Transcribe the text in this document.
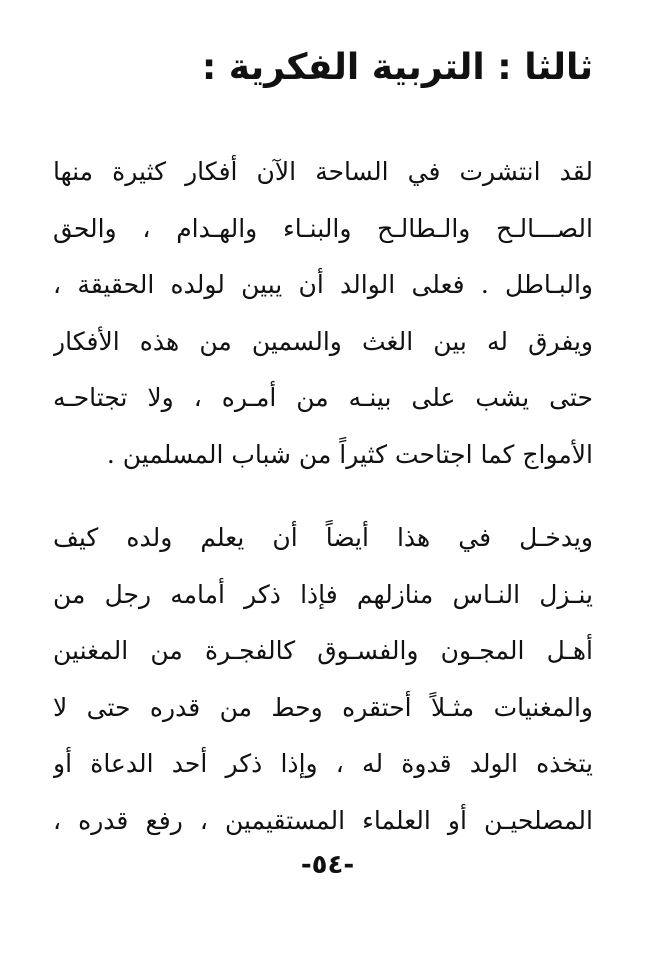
ثالثا : التربية الفكرية :
لقد انتشرت في الساحة الآن أفكار كثيرة منها
الصـــالـح والـطالـح والبنـاء والهـدام ، والحق
والبـاطل . فعلى الوالد أن يبين لولده الحقيقة ،
ويفرق له بين الغث والسمين من هذه الأفكار
حتى يشب على بينـه من أمـره ، ولا تجتاحـه
الأمواج كما اجتاحت كثيراً من شباب المسلمين .
ويدخـل في هذا أيضاً أن يعلم ولده كيف
ينـزل النـاس منازلهم فإذا ذكر أمامه رجل من
أهـل المجـون والفسـوق كالفجـرة من المغنين
والمغنيات مثـلاً أحتقره وحط من قدره حتى لا
يتخذه الولد قدوة له ، وإذا ذكر أحد الدعاة أو
المصلحيـن أو العلماء المستقيمين ، رفع قدره ،
-٥٤-
